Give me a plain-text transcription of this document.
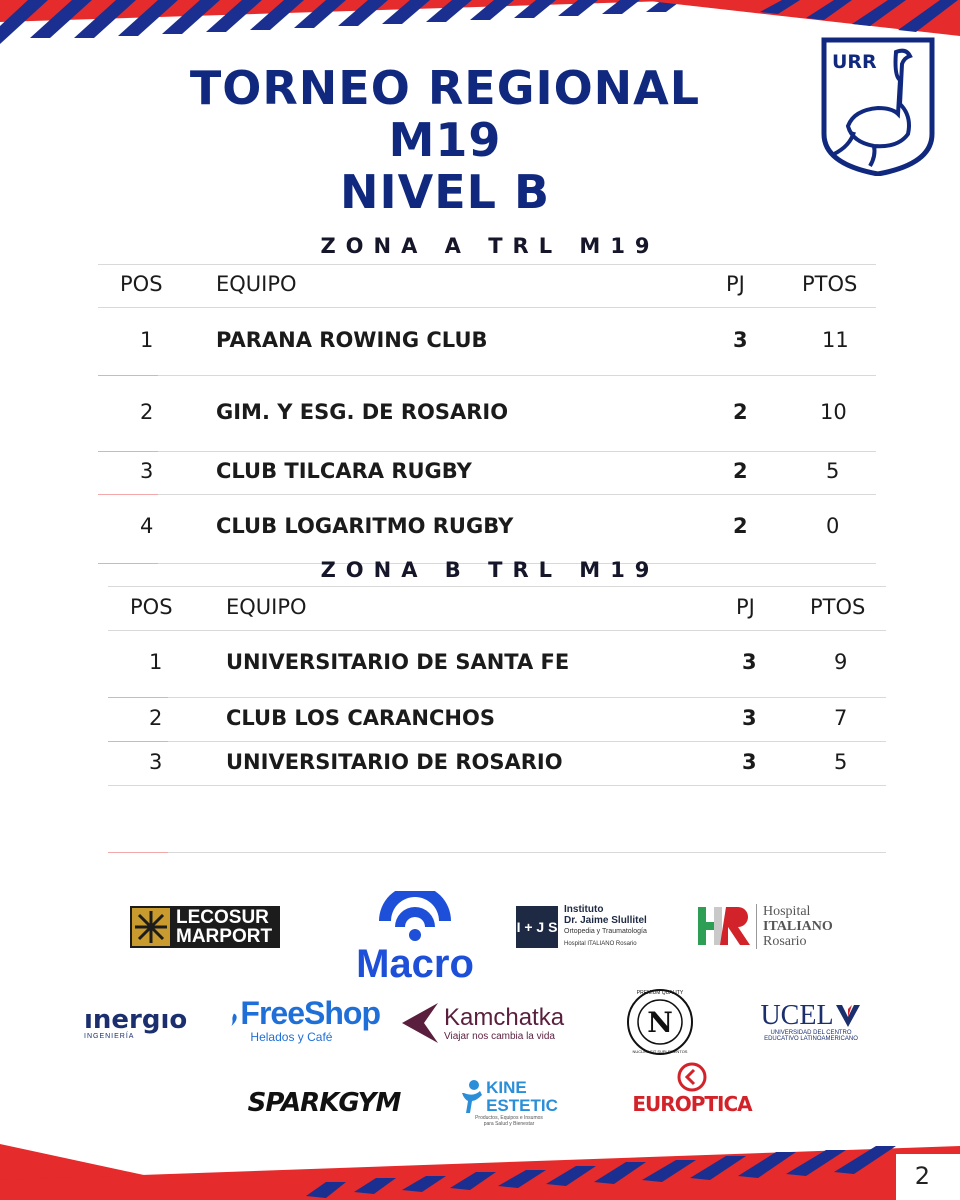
URR
TORNEO REGIONAL
M19
NIVEL B
ZONA A TRL M19
POS	EQUIPO	PJ	PTOS
1	PARANA ROWING CLUB	3	11
2	GIM. Y ESG. DE ROSARIO	2	10
3	CLUB TILCARA RUGBY	2	5
4	CLUB LOGARITMO RUGBY	2	0
ZONA B TRL M19
POS	EQUIPO	PJ	PTOS
1	UNIVERSITARIO DE SANTA FE	3	9
2	CLUB LOS CARANCHOS	3	7
3	UNIVERSITARIO DE ROSARIO	3	5
LECOSUR
MARPORT
Macro
I + J S
Instituto
Dr. Jaime Slullitel
Ortopedia y Traumatología
Hospital ITALIANO Rosario
Hospital
ITALIANO
Rosario
ınergıo
INGENIERÍA
FreeShop
Helados y Café
Kamchatka
Viajar nos cambia la vida	N
PREMIUM QUALITY
NUCLEO FIT SUPLEMENTOS
UCEL
UNIVERSIDAD DEL CENTRO
EDUCATIVO LATINOAMERICANO
SPARKGYM
KINE
ESTETIC
Productos, Equipos e Insumos
para Salud y Bienestar
EUROPTICA
2
